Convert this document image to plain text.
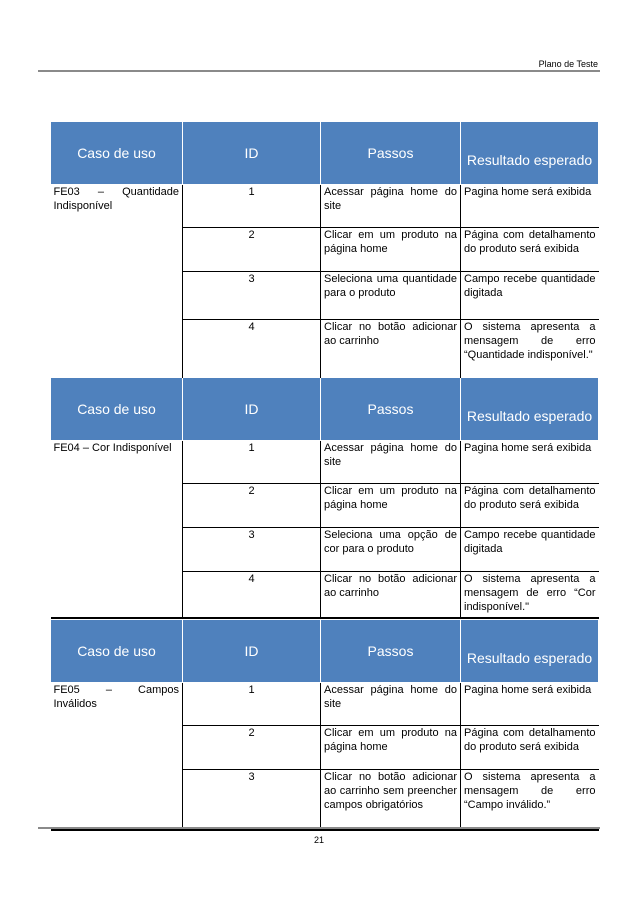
Plano de Teste
Caso de uso	ID	Passos	Resultado esperado
FE03 – Quantidade Indisponível	1	Acessar página home do site	Pagina home será exibida
	2	Clicar em um produto na página home	Página com detalhamento do produto será exibida
	3	Seleciona uma quantidade para o produto	Campo recebe quantidade digitada
	4	Clicar no botão adicionar ao carrinho	O sistema apresenta a mensagem de erro “Quantidade indisponível."
Caso de uso	ID	Passos	Resultado esperado
FE04 – Cor Indisponível	1	Acessar página home do site	Pagina home será exibida
	2	Clicar em um produto na página home	Página com detalhamento do produto será exibida
	3	Seleciona uma opção de cor para o produto	Campo recebe quantidade digitada
	4	Clicar no botão adicionar ao carrinho	O sistema apresenta a mensagem de erro “Cor indisponível."
Caso de uso	ID	Passos	Resultado esperado
FE05 – Campos Inválidos	1	Acessar página home do site	Pagina home será exibida
	2	Clicar em um produto na página home	Página com detalhamento do produto será exibida
	3	Clicar no botão adicionar ao carrinho sem preencher campos obrigatórios	O sistema apresenta a mensagem de erro “Campo inválido.”
21
